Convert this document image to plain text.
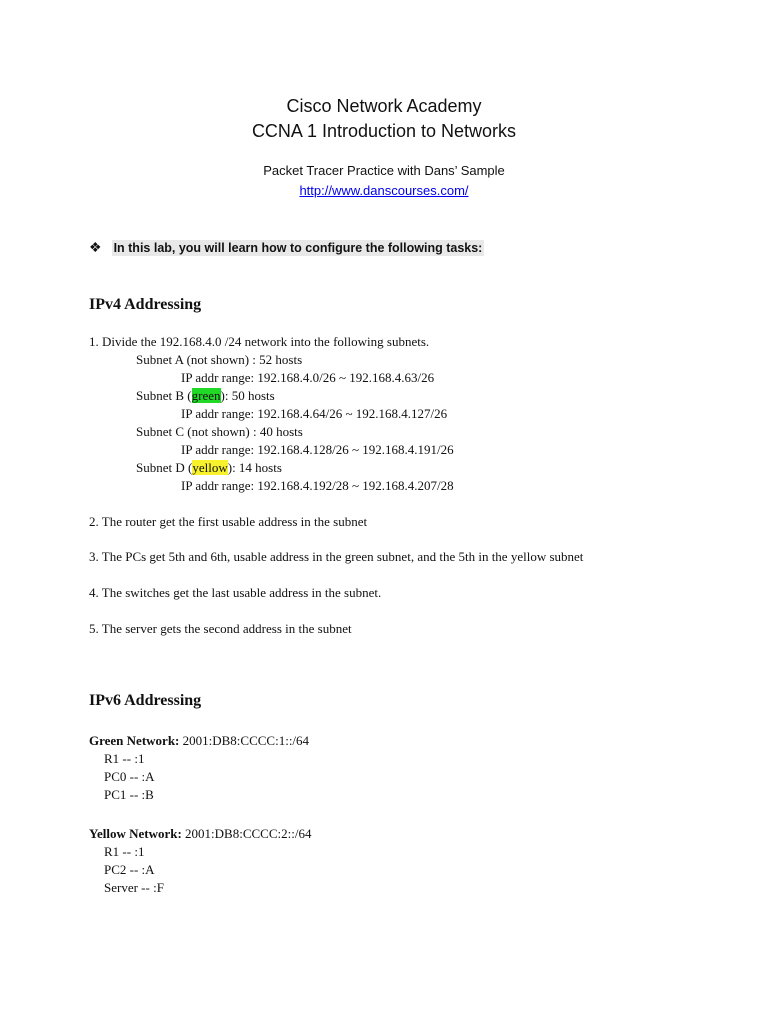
Cisco Network Academy
CCNA 1 Introduction to Networks
Packet Tracer Practice with Dans’ Sample
http://www.danscourses.com/
❖ In this lab, you will learn how to configure the following tasks:
IPv4 Addressing
1. Divide the 192.168.4.0 /24 network into the following subnets.
Subnet A (not shown) : 52 hosts
IP addr range: 192.168.4.0/26 ~ 192.168.4.63/26
Subnet B (green): 50 hosts
IP addr range: 192.168.4.64/26 ~ 192.168.4.127/26
Subnet C (not shown) : 40 hosts
IP addr range: 192.168.4.128/26 ~ 192.168.4.191/26
Subnet D (yellow): 14 hosts
IP addr range: 192.168.4.192/28 ~ 192.168.4.207/28
2. The router get the first usable address in the subnet
3. The PCs get 5th and 6th, usable address in the green subnet, and the 5th in the yellow subnet
4. The switches get the last usable address in the subnet.
5. The server gets the second address in the subnet
IPv6 Addressing
Green Network: 2001:DB8:CCCC:1::/64
R1 -- :1
PC0 -- :A
PC1 -- :B
Yellow Network: 2001:DB8:CCCC:2::/64
R1 -- :1
PC2 -- :A
Server -- :F
